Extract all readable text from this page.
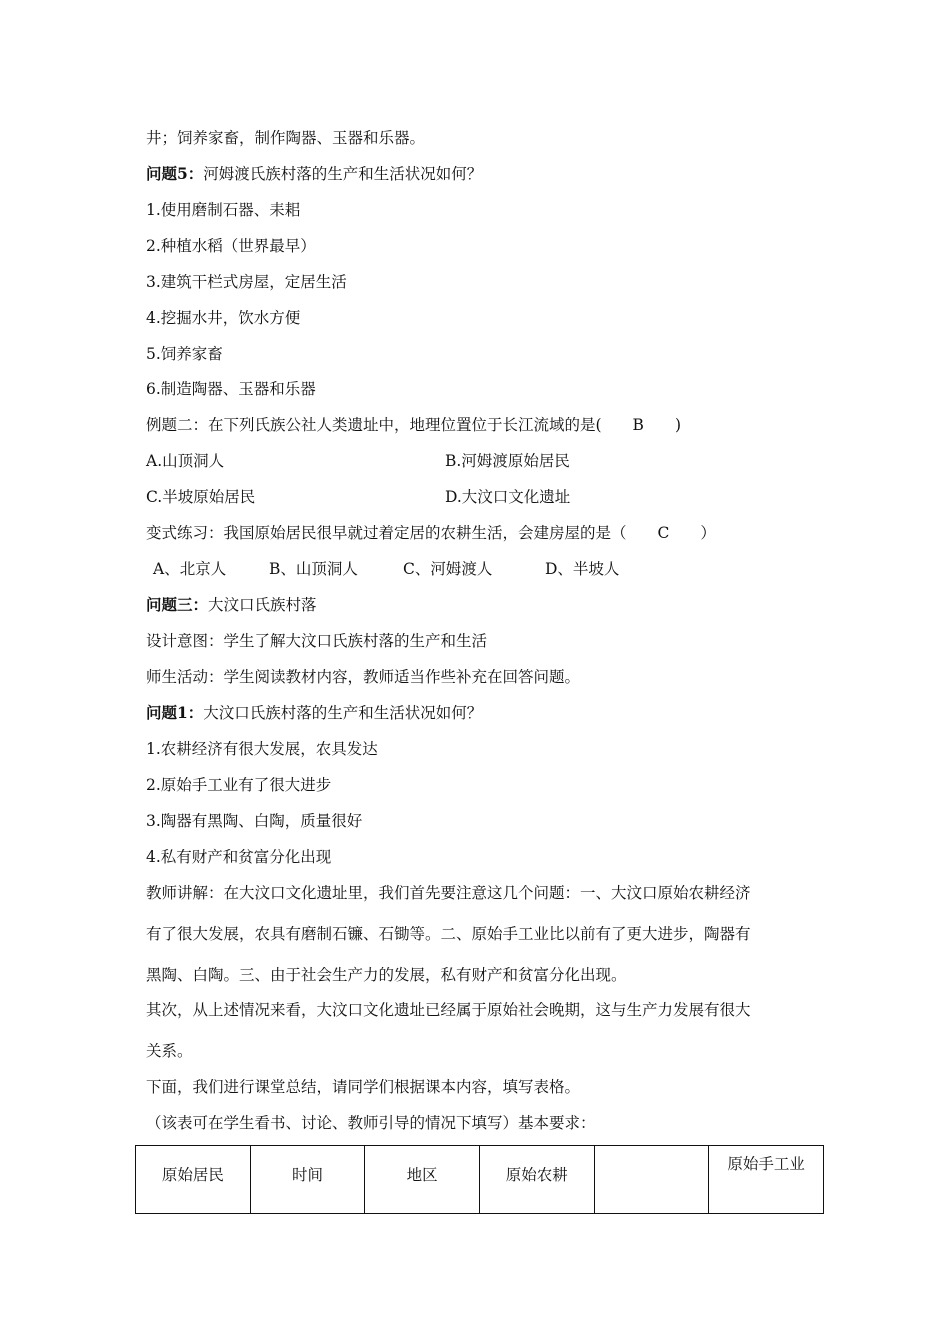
井；饲养家畜，制作陶器、玉器和乐器。
问题5：河姆渡氏族村落的生产和生活状况如何？
1.使用磨制石器、耒耜
2.种植水稻（世界最早）
3.建筑干栏式房屋，定居生活
4.挖掘水井，饮水方便
5.饲养家畜
6.制造陶器、玉器和乐器
例题二：在下列氏族公社人类遗址中，地理位置位于长江流域的是(　　B　　)
A.山顶洞人	B.河姆渡原始居民
C.半坡原始居民	D.大汶口文化遗址
变式练习：我国原始居民很早就过着定居的农耕生活，会建房屋的是（　　C　　）
A、北京人	B、山顶洞人	C、河姆渡人	D、半坡人
问题三：大汶口氏族村落
设计意图：学生了解大汶口氏族村落的生产和生活
师生活动：学生阅读教材内容，教师适当作些补充在回答问题。
问题1：大汶口氏族村落的生产和生活状况如何？
1.农耕经济有很大发展，农具发达
2.原始手工业有了很大进步
3.陶器有黑陶、白陶，质量很好
4.私有财产和贫富分化出现
教师讲解：在大汶口文化遗址里，我们首先要注意这几个问题：一、大汶口原始农耕经济
有了很大发展，农具有磨制石镰、石锄等。二、原始手工业比以前有了更大进步，陶器有
黑陶、白陶。三、由于社会生产力的发展，私有财产和贫富分化出现。
其次，从上述情况来看，大汶口文化遗址已经属于原始社会晚期，这与生产力发展有很大
关系。
下面，我们进行课堂总结，请同学们根据课本内容，填写表格。
（该表可在学生看书、讨论、教师引导的情况下填写）基本要求：
原始居民	时间	地区	原始农耕		原始手工业
